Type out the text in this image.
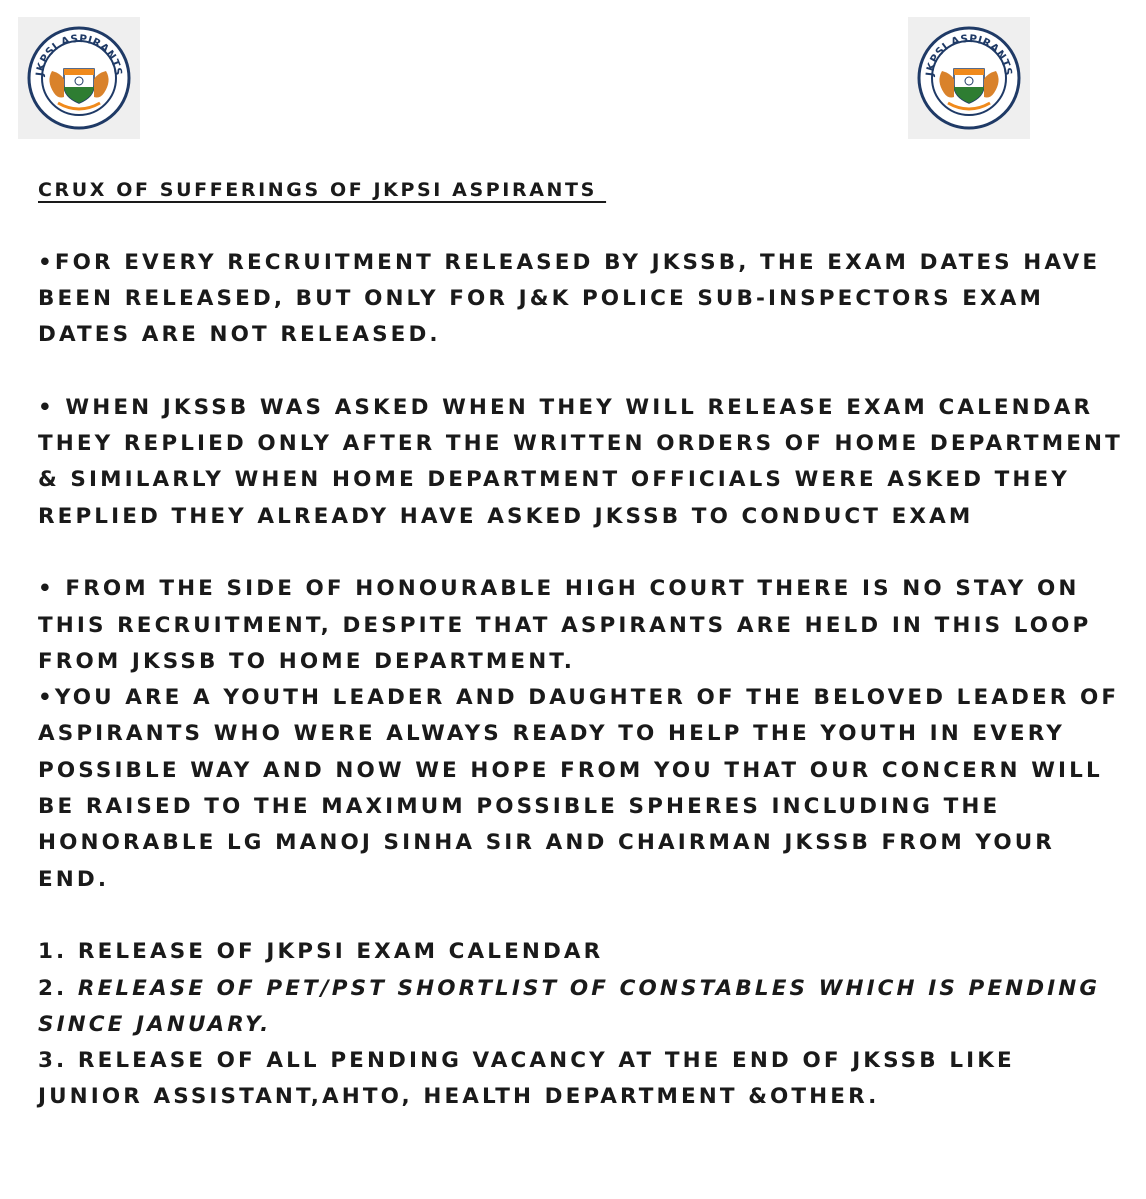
JKPSI ASPIRANTS	JKPSI ASPIRANTS

CRUX OF SUFFERINGS OF JKPSI ASPIRANTS

•FOR EVERY RECRUITMENT RELEASED BY JKSSB, THE EXAM DATES HAVE BEEN RELEASED, BUT ONLY FOR J&K POLICE SUB-INSPECTORS EXAM DATES ARE NOT RELEASED.

• WHEN JKSSB WAS ASKED WHEN THEY WILL RELEASE EXAM CALENDAR THEY REPLIED ONLY AFTER THE WRITTEN ORDERS OF HOME DEPARTMENT & SIMILARLY WHEN HOME DEPARTMENT OFFICIALS WERE ASKED THEY REPLIED THEY ALREADY HAVE ASKED JKSSB TO CONDUCT EXAM

• FROM THE SIDE OF HONOURABLE HIGH COURT THERE IS NO STAY ON THIS RECRUITMENT, DESPITE THAT ASPIRANTS ARE HELD IN THIS LOOP FROM JKSSB TO HOME DEPARTMENT.

•YOU ARE A YOUTH LEADER AND DAUGHTER OF THE BELOVED LEADER OF ASPIRANTS WHO WERE ALWAYS READY TO HELP THE YOUTH IN EVERY POSSIBLE WAY AND NOW WE HOPE FROM YOU THAT OUR CONCERN WILL BE RAISED TO THE MAXIMUM POSSIBLE SPHERES INCLUDING THE HONORABLE LG MANOJ SINHA SIR AND CHAIRMAN JKSSB FROM YOUR END.

1. RELEASE OF JKPSI EXAM CALENDAR

2. RELEASE OF PET/PST SHORTLIST OF CONSTABLES WHICH IS PENDING SINCE JANUARY.

3. RELEASE OF ALL PENDING VACANCY AT THE END OF JKSSB LIKE JUNIOR ASSISTANT,AHTO, HEALTH DEPARTMENT &OTHER.
